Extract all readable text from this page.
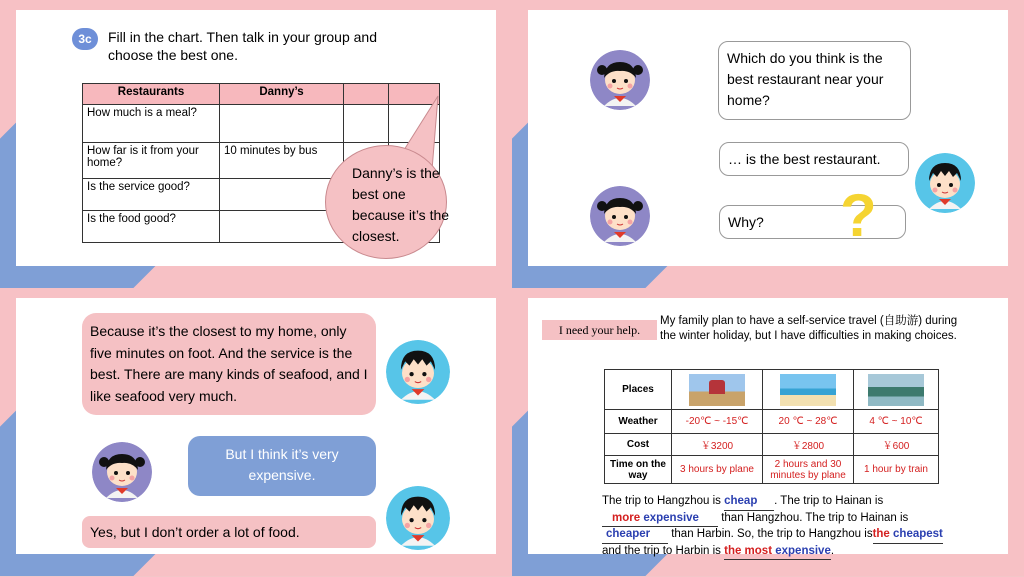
3c	Fill in the chart. Then talk in your group and choose the best one.
Restaurants	Danny’s		
How much is a meal?			
How far is it from your home?	10 minutes by bus		
Is the service good?			
Is the food good?			
Danny’s is the best one because it’s the closest.
Which do you think is the best restaurant near your home?
… is the best restaurant.
Why?	?
Because it’s the closest to my home, only five minutes on foot. And the service is the best. There are many kinds of seafood, and I like seafood very much.
But I think it’s very expensive.
Yes, but I don’t order a lot of food.
I need your help.
My family plan to have a self-service travel (自助游) during the winter holiday, but I have difficulties in making choices.
Places	

Weather	-20℃ ~ -15℃	20 ℃ ~ 28℃	4 ℃ ~ 10℃
Cost	￥3200	￥2800	￥600
Time on the way	3 hours by plane	2 hours and 30 minutes by plane	1 hour by train
The trip to Hangzhou is cheap . The trip to Hainan is
more expensive than Hangzhou. The trip to Hainan is
cheaper than Harbin. So, the trip to Hangzhou isthe cheapest
and the trip to Harbin is the most expensive.
